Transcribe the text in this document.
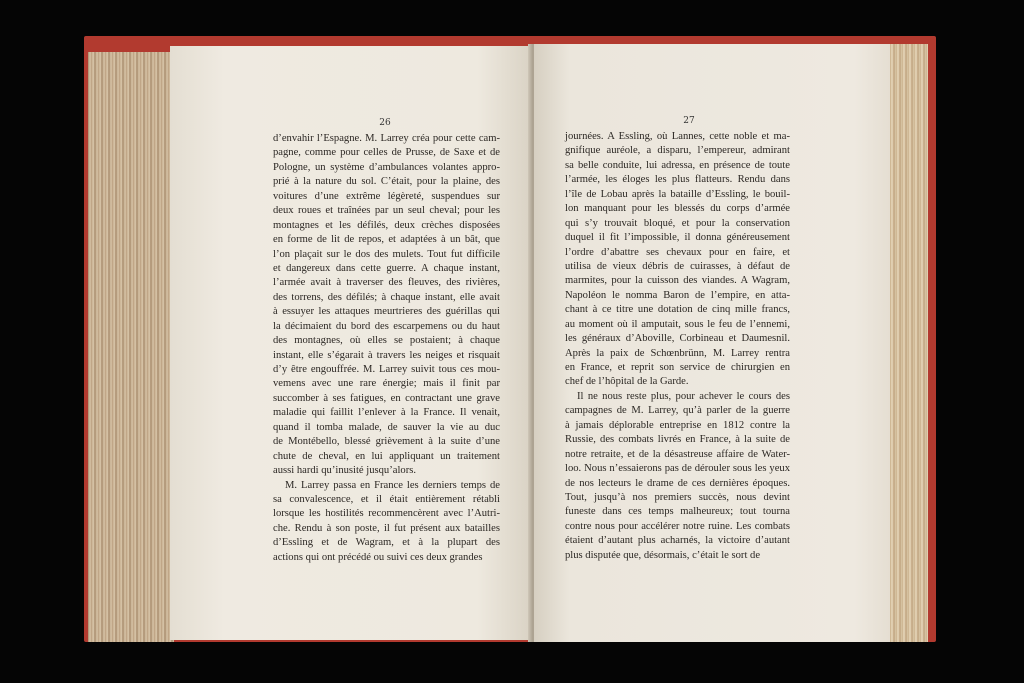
26
d’envahir l’Espagne. M. Larrey créa pour cette cam-
pagne, comme pour celles de Prusse, de Saxe et de
Pologne, un système d’ambulances volantes appro-
prié à la nature du sol. C’était, pour la plaine, des
voitures d’une extrême légèreté, suspendues sur
deux roues et traînées par un seul cheval; pour les
montagnes et les défilés, deux crèches disposées
en forme de lit de repos, et adaptées à un bât, que
l’on plaçait sur le dos des mulets. Tout fut difficile
et dangereux dans cette guerre. A chaque instant,
l’armée avait à traverser des fleuves, des rivières,
des torrens, des défilés; à chaque instant, elle avait
à essuyer les attaques meurtrieres des guérillas qui
la décimaient du bord des escarpemens ou du haut
des montagnes, où elles se postaient; à chaque
instant, elle s’égarait à travers les neiges et risquait
d’y être engouffrée. M. Larrey suivit tous ces mou-
vemens avec une rare énergie; mais il finit par
succomber à ses fatigues, en contractant une grave
maladie qui faillit l’enlever à la France. Il venait,
quand il tomba malade, de sauver la vie au duc
de Montébello, blessé grièvement à la suite d’une
chute de cheval, en lui appliquant un traitement
aussi hardi qu’inusité jusqu’alors.
M. Larrey passa en France les derniers temps de
sa convalescence, et il était entièrement rétabli
lorsque les hostilités recommencèrent avec l’Autri-
che. Rendu à son poste, il fut présent aux batailles
d’Essling et de Wagram, et à la plupart des
actions qui ont précédé ou suivi ces deux grandes
27
journées. A Essling, où Lannes, cette noble et ma-
gnifique auréole, a disparu, l’empereur, admirant
sa belle conduite, lui adressa, en présence de toute
l’armée, les éloges les plus flatteurs. Rendu dans
l’île de Lobau après la bataille d’Essling, le bouil-
lon manquant pour les blessés du corps d’armée
qui s’y trouvait bloqué, et pour la conservation
duquel il fit l’impossible, il donna généreusement
l’ordre d’abattre ses chevaux pour en faire, et
utilisa de vieux débris de cuirasses, à défaut de
marmites, pour la cuisson des viandes. A Wagram,
Napoléon le nomma Baron de l’empire, en atta-
chant à ce titre une dotation de cinq mille francs,
au moment où il amputait, sous le feu de l’ennemi,
les généraux d’Aboville, Corbineau et Daumesnil.
Après la paix de Schœnbrünn, M. Larrey rentra
en France, et reprit son service de chirurgien en
chef de l’hôpital de la Garde.
Il ne nous reste plus, pour achever le cours des
campagnes de M. Larrey, qu’à parler de la guerre
à jamais déplorable entreprise en 1812 contre la
Russie, des combats livrés en France, à la suite de
notre retraite, et de la désastreuse affaire de Water-
loo. Nous n’essaierons pas de dérouler sous les yeux
de nos lecteurs le drame de ces dernières époques.
Tout, jusqu’à nos premiers succès, nous devint
funeste dans ces temps malheureux; tout tourna
contre nous pour accélérer notre ruine. Les combats
étaient d’autant plus acharnés, la victoire d’autant
plus disputée que, désormais, c’était le sort de
